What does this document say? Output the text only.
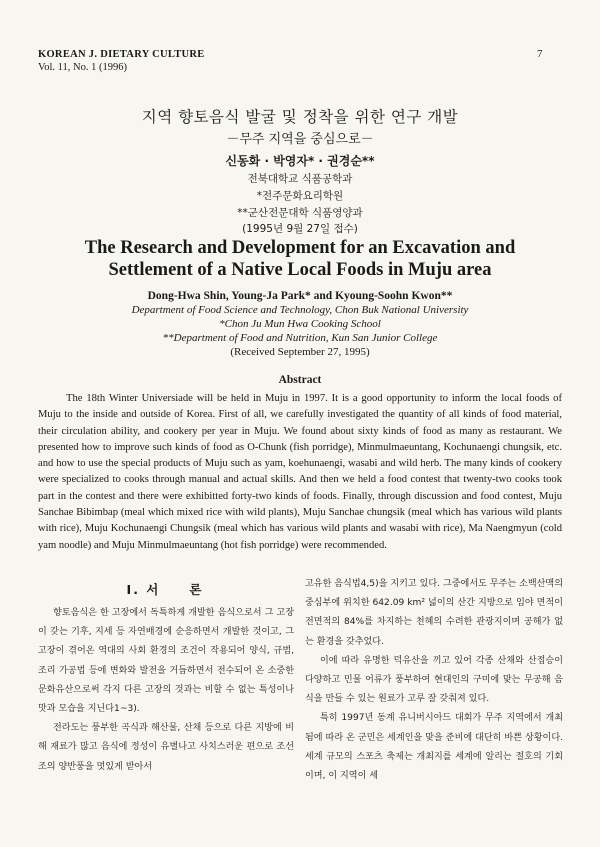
KOREAN J. DIETARY CULTURE
Vol. 11, No. 1 (1996)
7
지역 향토음식 발굴 및 정착을 위한 연구 개발
－무주 지역을 중심으로－
신동화 · 박영자* · 권경순**
전북대학교 식품공학과
*전주문화요리학원
**군산전문대학 식품영양과
(1995년 9월 27일 접수)
The Research and Development for an Excavation and
Settlement of a Native Local Foods in Muju area
Dong-Hwa Shin, Young-Ja Park* and Kyoung-Soohn Kwon**
Department of Food Science and Technology, Chon Buk National University
*Chon Ju Mun Hwa Cooking School
**Department of Food and Nutrition, Kun San Junior College
(Received September 27, 1995)
Abstract

The 18th Winter Universiade will be held in Muju in 1997. It is a good opportunity to inform the local foods of Muju to the inside and outside of Korea. First of all, we carefully investigated the quantity of all kinds of food material, their circulation ability, and cookery per year in Muju. We found about sixty kinds of food as many as restaurant. We presented how to improve such kinds of food as O-Chunk (fish porridge), Minmulmaeuntang, Kochunaengi chungsik, etc. and how to use the special products of Muju such as yam, koehunaengi, wasabi and wild herb. The many kinds of cookery were specialized to cooks through manual and actual skills. And then we held a food contest that twenty-two cooks took part in the contest and there were exhibitted forty-two kinds of foods. Finally, through discussion and food contest, Muju Sanchae Bibimbap (meal which mixed rice with wild plants), Muju Sanchae chungsik (meal which has various wild plants with rice), Muju Kochunaengi Chungsik (meal which has various wild plants and wasabi with rice), Ma Naengmyun (cold yam noodle) and Muju Minmulmaeuntang (hot fish porridge) were recommended.

I. 서　　론

향토음식은 한 고장에서 독특하게 개발한 음식으로서 그 고장이 갖는 기후, 지세 등 자연배경에 순응하면서 개발한 것이고, 그 고장이 겪어온 역대의 사회 환경의 조건이 작용되어 양식, 규범, 조리 가공법 등에 변화와 발전을 거듭하면서 전수되어 온 소중한 문화유산으로써 각지 다른 고장의 것과는 비할 수 없는 특성이나 맛과 모습을 지닌다1~3).

전라도는 풍부한 곡식과 해산물, 산채 등으로 다른 지방에 비해 재료가 많고 음식에 정성이 유별나고 사치스러운 편으로 조선조의 양반풍을 멋있게 받아서

고유한 음식법4,5)을 지키고 있다. 그중에서도 무주는 소백산맥의 중심부에 위치한 642.09 km² 넓이의 산간 지방으로 임야 면적이 전면적의 84%를 차지하는 천혜의 수려한 관광지이며 공해가 없는 환경을 갖추었다.

이에 따라 유명한 덕유산을 끼고 있어 각종 산채와 산접승이 다양하고 민물 어류가 풍부하여 현대인의 구미에 맞는 무공해 음식을 만들 수 있는 원료가 고루 잘 갖춰져 있다.

특히 1997년 동계 유니버시아드 대회가 무주 지역에서 개최됨에 따라 온 군민은 세계인을 맞을 준비에 대단히 바쁜 상황이다. 세계 규모의 스포츠 축제는 개최지를 세계에 알리는 절호의 기회이며, 이 지역이 세
